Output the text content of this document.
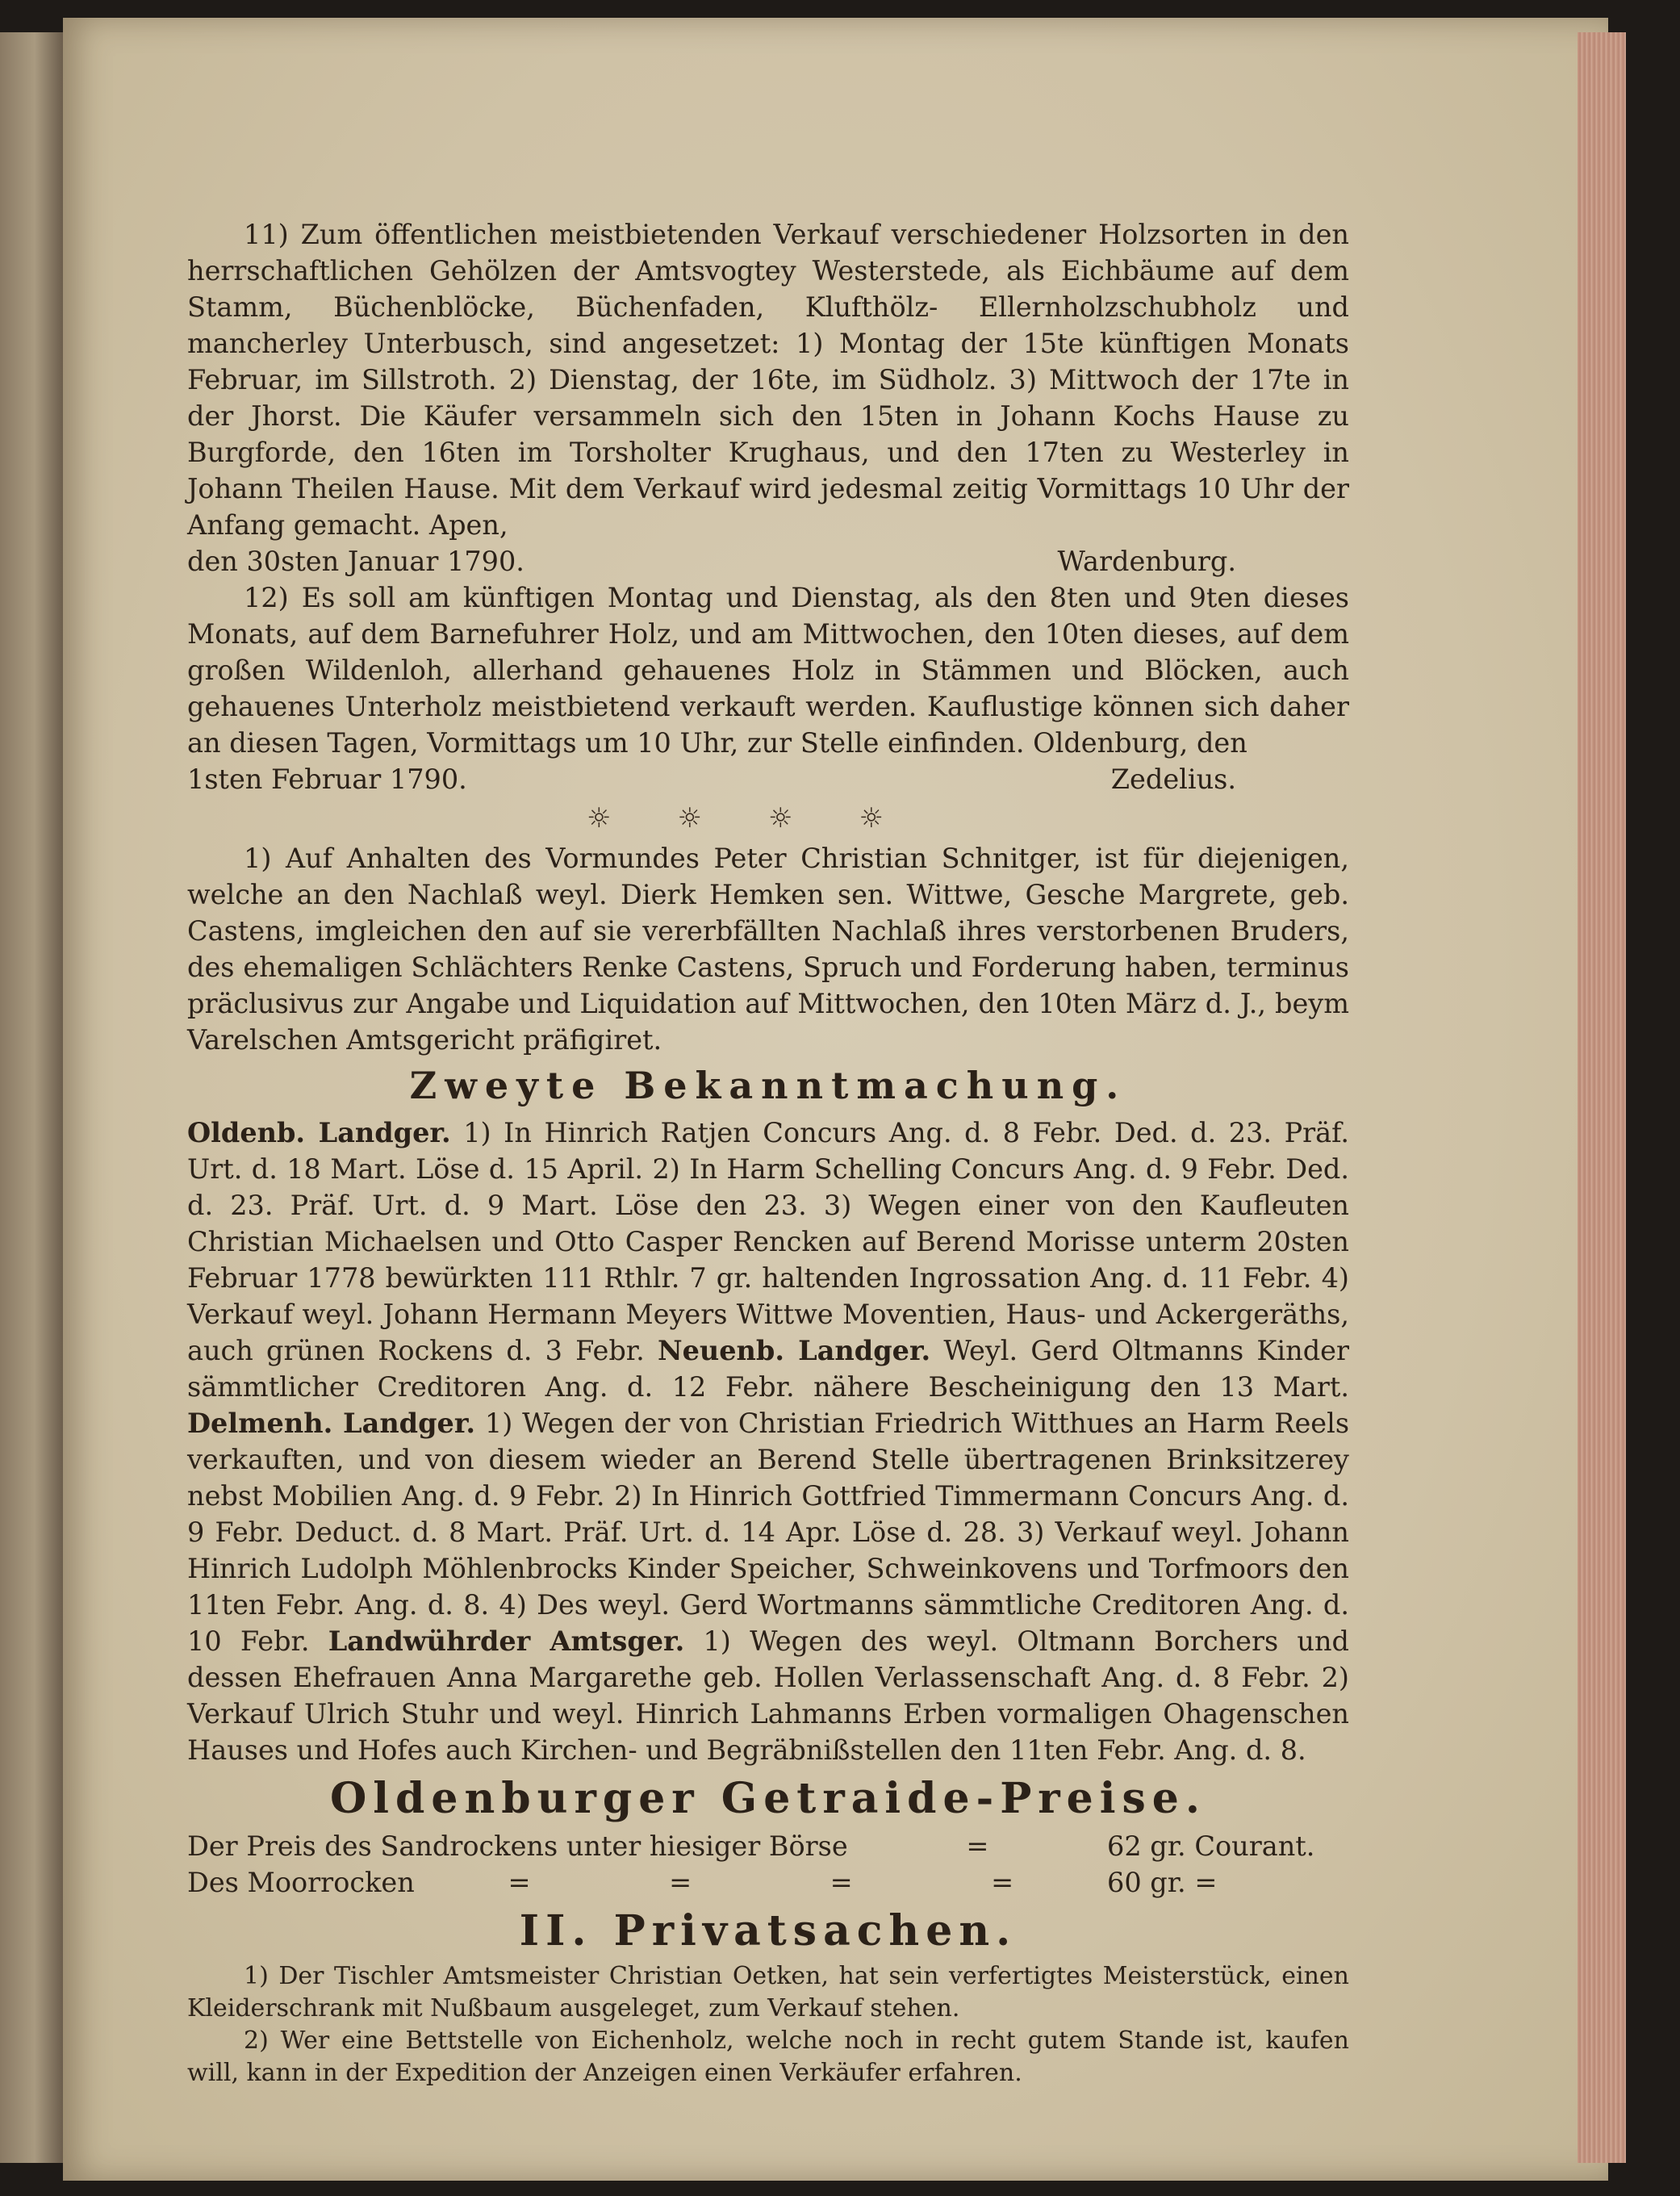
11) Zum öffentlichen meistbietenden Verkauf verschiedener Holzsorten in den herrschaftlichen Gehölzen der Amtsvogtey Westerstede, als Eichbäume auf dem Stamm, Büchenblöcke, Büchenfaden, Klufthölz- Ellernholzschubholz und mancherley Unterbusch, sind angesetzet: 1) Montag der 15te künftigen Monats Februar, im Sillstroth. 2) Dienstag, der 16te, im Südholz. 3) Mittwoch der 17te in der Jhorst. Die Käufer versammeln sich den 15ten in Johann Kochs Hause zu Burgforde, den 16ten im Torsholter Krughaus, und den 17ten zu Westerley in Johann Theilen Hause. Mit dem Verkauf wird jedesmal zeitig Vormittags 10 Uhr der Anfang gemacht. Apen,

den 30sten Januar 1790.	Wardenburg.

12) Es soll am künftigen Montag und Dienstag, als den 8ten und 9ten dieses Monats, auf dem Barnefuhrer Holz, und am Mittwochen, den 10ten dieses, auf dem großen Wildenloh, allerhand gehauenes Holz in Stämmen und Blöcken, auch gehauenes Unterholz meistbietend verkauft werden. Kauflustige können sich daher an diesen Tagen, Vormittags um 10 Uhr, zur Stelle einfinden. Oldenburg, den

1sten Februar 1790.	Zedelius.
☼☼☼☼

1) Auf Anhalten des Vormundes Peter Christian Schnitger, ist für diejenigen, welche an den Nachlaß weyl. Dierk Hemken sen. Wittwe, Gesche Margrete, geb. Castens, imgleichen den auf sie vererbfällten Nachlaß ihres verstorbenen Bruders, des ehemaligen Schlächters Renke Castens, Spruch und Forderung haben, terminus präclusivus zur Angabe und Liquidation auf Mittwochen, den 10ten März d. J., beym Varelschen Amtsgericht präfigiret.

Zweyte Bekanntmachung.

Oldenb. Landger. 1) In Hinrich Ratjen Concurs Ang. d. 8 Febr. Ded. d. 23. Präf. Urt. d. 18 Mart. Löse d. 15 April. 2) In Harm Schelling Concurs Ang. d. 9 Febr. Ded. d. 23. Präf. Urt. d. 9 Mart. Löse den 23. 3) Wegen einer von den Kaufleuten Christian Michaelsen und Otto Casper Rencken auf Berend Morisse unterm 20sten Februar 1778 bewürkten 111 Rthlr. 7 gr. haltenden Ingrossation Ang. d. 11 Febr. 4) Verkauf weyl. Johann Hermann Meyers Wittwe Moventien, Haus- und Ackergeräths, auch grünen Rockens d. 3 Febr. Neuenb. Landger. Weyl. Gerd Oltmanns Kinder sämmtlicher Creditoren Ang. d. 12 Febr. nähere Bescheinigung den 13 Mart. Delmenh. Landger. 1) Wegen der von Christian Friedrich Witthues an Harm Reels verkauften, und von diesem wieder an Berend Stelle übertragenen Brinksitzerey nebst Mobilien Ang. d. 9 Febr. 2) In Hinrich Gottfried Timmermann Concurs Ang. d. 9 Febr. Deduct. d. 8 Mart. Präf. Urt. d. 14 Apr. Löse d. 28. 3) Verkauf weyl. Johann Hinrich Ludolph Möhlenbrocks Kinder Speicher, Schweinkovens und Torfmoors den 11ten Febr. Ang. d. 8. 4) Des weyl. Gerd Wortmanns sämmtliche Creditoren Ang. d. 10 Febr. Landwührder Amtsger. 1) Wegen des weyl. Oltmann Borchers und dessen Ehefrauen Anna Margarethe geb. Hollen Verlassenschaft Ang. d. 8 Febr. 2) Verkauf Ulrich Stuhr und weyl. Hinrich Lahmanns Erben vormaligen Ohagenschen Hauses und Hofes auch Kirchen- und Begräbnißstellen den 11ten Febr. Ang. d. 8.

Oldenburger Getraide-Preise.
Der Preis des Sandrockens unter hiesiger Börse	=	62 gr. Courant.
Des Moorrocken	=	=	=	=	60 gr. =
II. Privatsachen.

1) Der Tischler Amtsmeister Christian Oetken, hat sein verfertigtes Meisterstück, einen Kleiderschrank mit Nußbaum ausgeleget, zum Verkauf stehen.

2) Wer eine Bettstelle von Eichenholz, welche noch in recht gutem Stande ist, kaufen will, kann in der Expedition der Anzeigen einen Verkäufer erfahren.
